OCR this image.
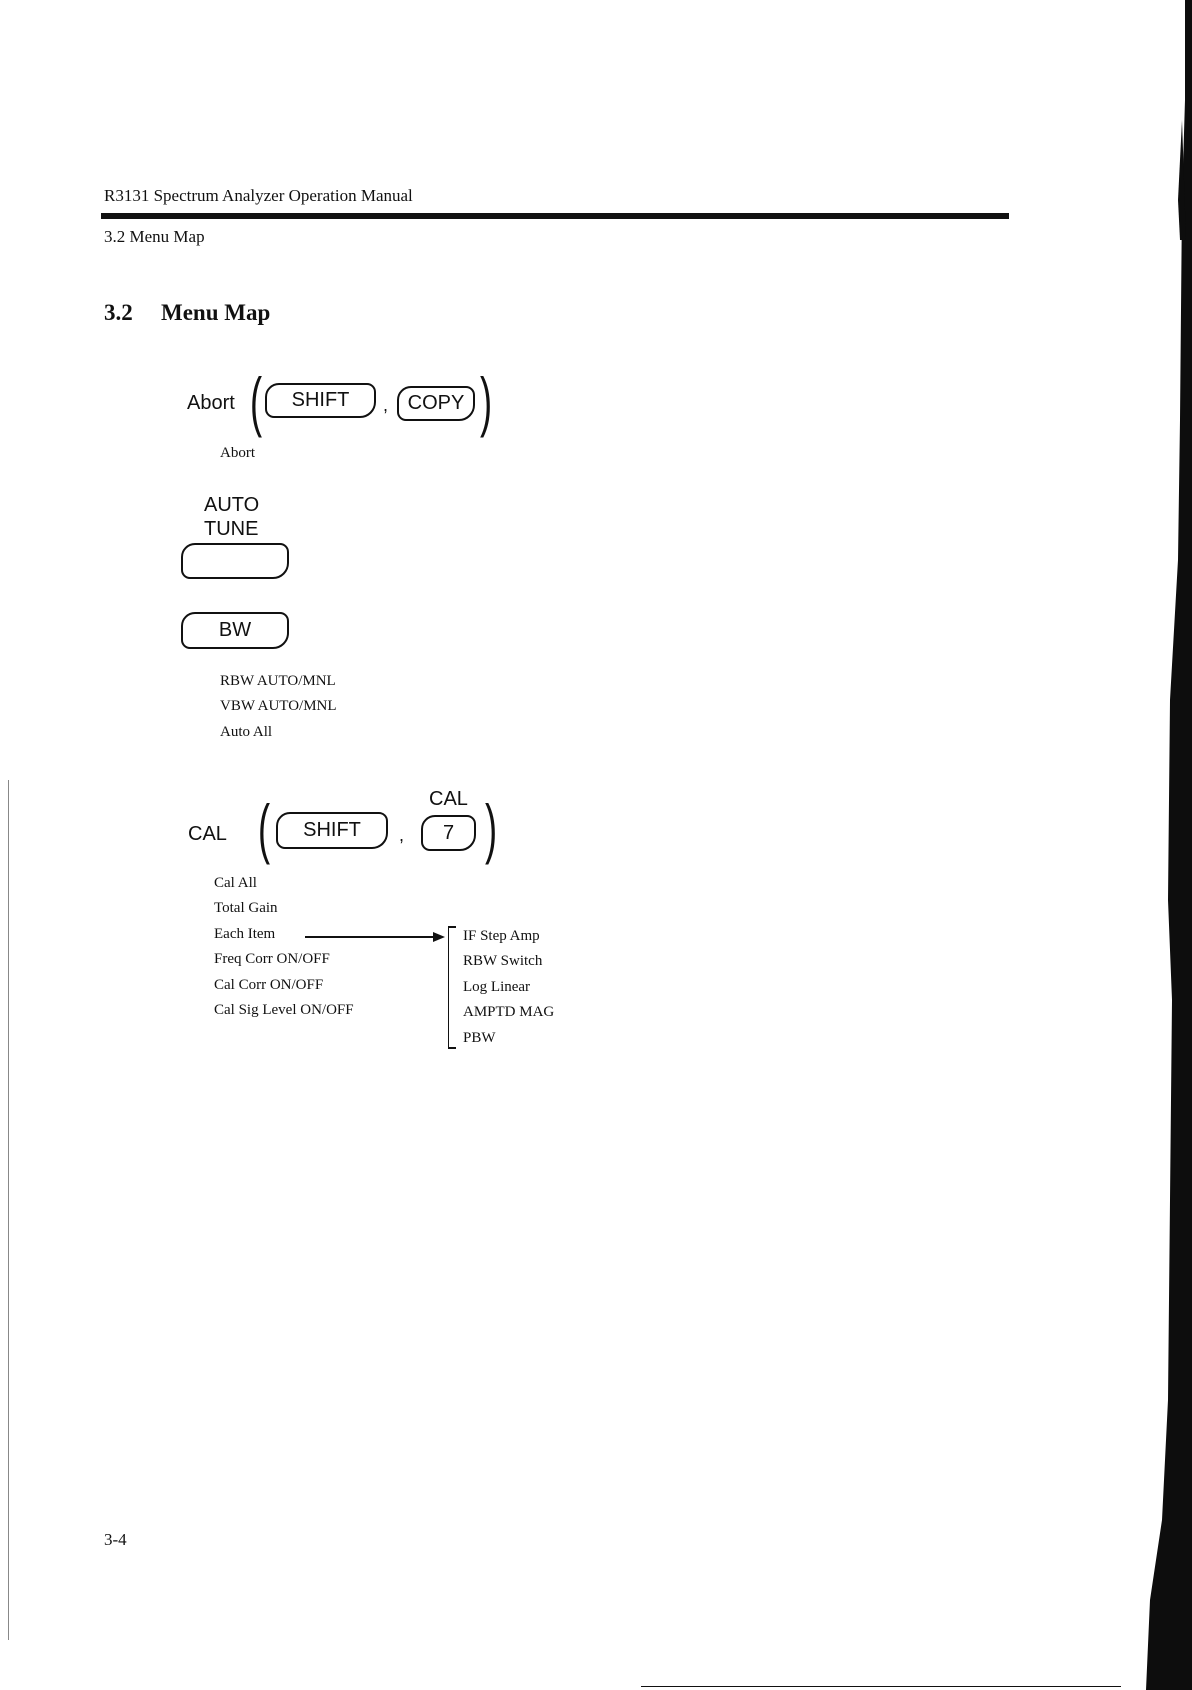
R3131 Spectrum Analyzer Operation Manual
3.2 Menu Map
3.2 Menu Map
Abort (	SHIFT	, COPY )
Abort
AUTO
TUNE
BW
RBW AUTO/MNL
VBW AUTO/MNL
Auto All
CAL
CAL (	SHIFT	,	7 )
Cal All
Total Gain
Each Item
Freq Corr ON/OFF
Cal Corr ON/OFF
Cal Sig Level ON/OFF
IF Step Amp
RBW Switch
Log Linear
AMPTD MAG
PBW
3-4
